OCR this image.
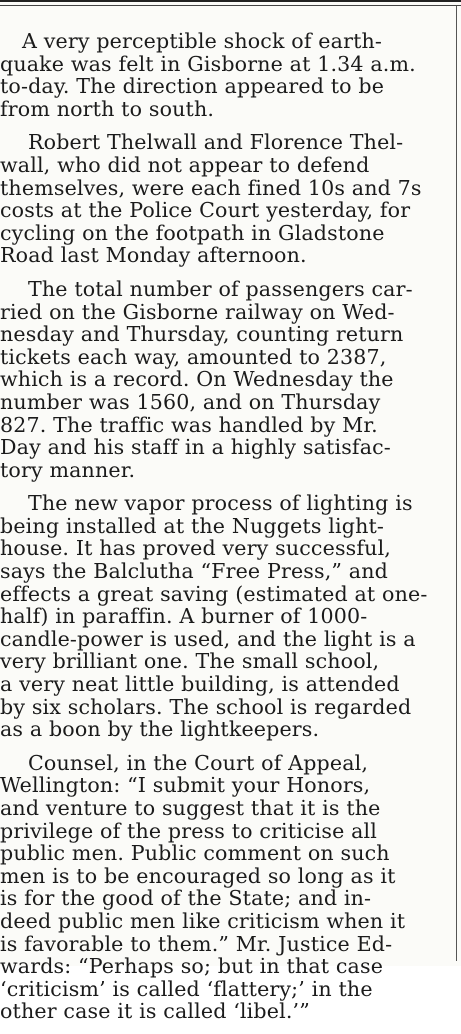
A very perceptible shock of earth-
quake was felt in Gisborne at 1.34 a.m.
to-day. The direction appeared to be
from north to south.
Robert Thelwall and Florence Thel-
wall, who did not appear to defend
themselves, were each fined 10s and 7s
costs at the Police Court yesterday, for
cycling on the footpath in Gladstone
Road last Monday afternoon.
The total number of passengers car-
ried on the Gisborne railway on Wed-
nesday and Thursday, counting return
tickets each way, amounted to 2387,
which is a record. On Wednesday the
number was 1560, and on Thursday
827. The traffic was handled by Mr.
Day and his staff in a highly satisfac-
tory manner.
The new vapor process of lighting is
being installed at the Nuggets light-
house. It has proved very successful,
says the Balclutha “Free Press,” and
effects a great saving (estimated at one-
half) in paraffin. A burner of 1000-
candle-power is used, and the light is a
very brilliant one. The small school,
a very neat little building, is attended
by six scholars. The school is regarded
as a boon by the lightkeepers.
Counsel, in the Court of Appeal,
Wellington: “I submit your Honors,
and venture to suggest that it is the
privilege of the press to criticise all
public men. Public comment on such
men is to be encouraged so long as it
is for the good of the State; and in-
deed public men like criticism when it
is favorable to them.” Mr. Justice Ed-
wards: “Perhaps so; but in that case
‘criticism’ is called ‘flattery;’ in the
other case it is called ‘libel.’”
